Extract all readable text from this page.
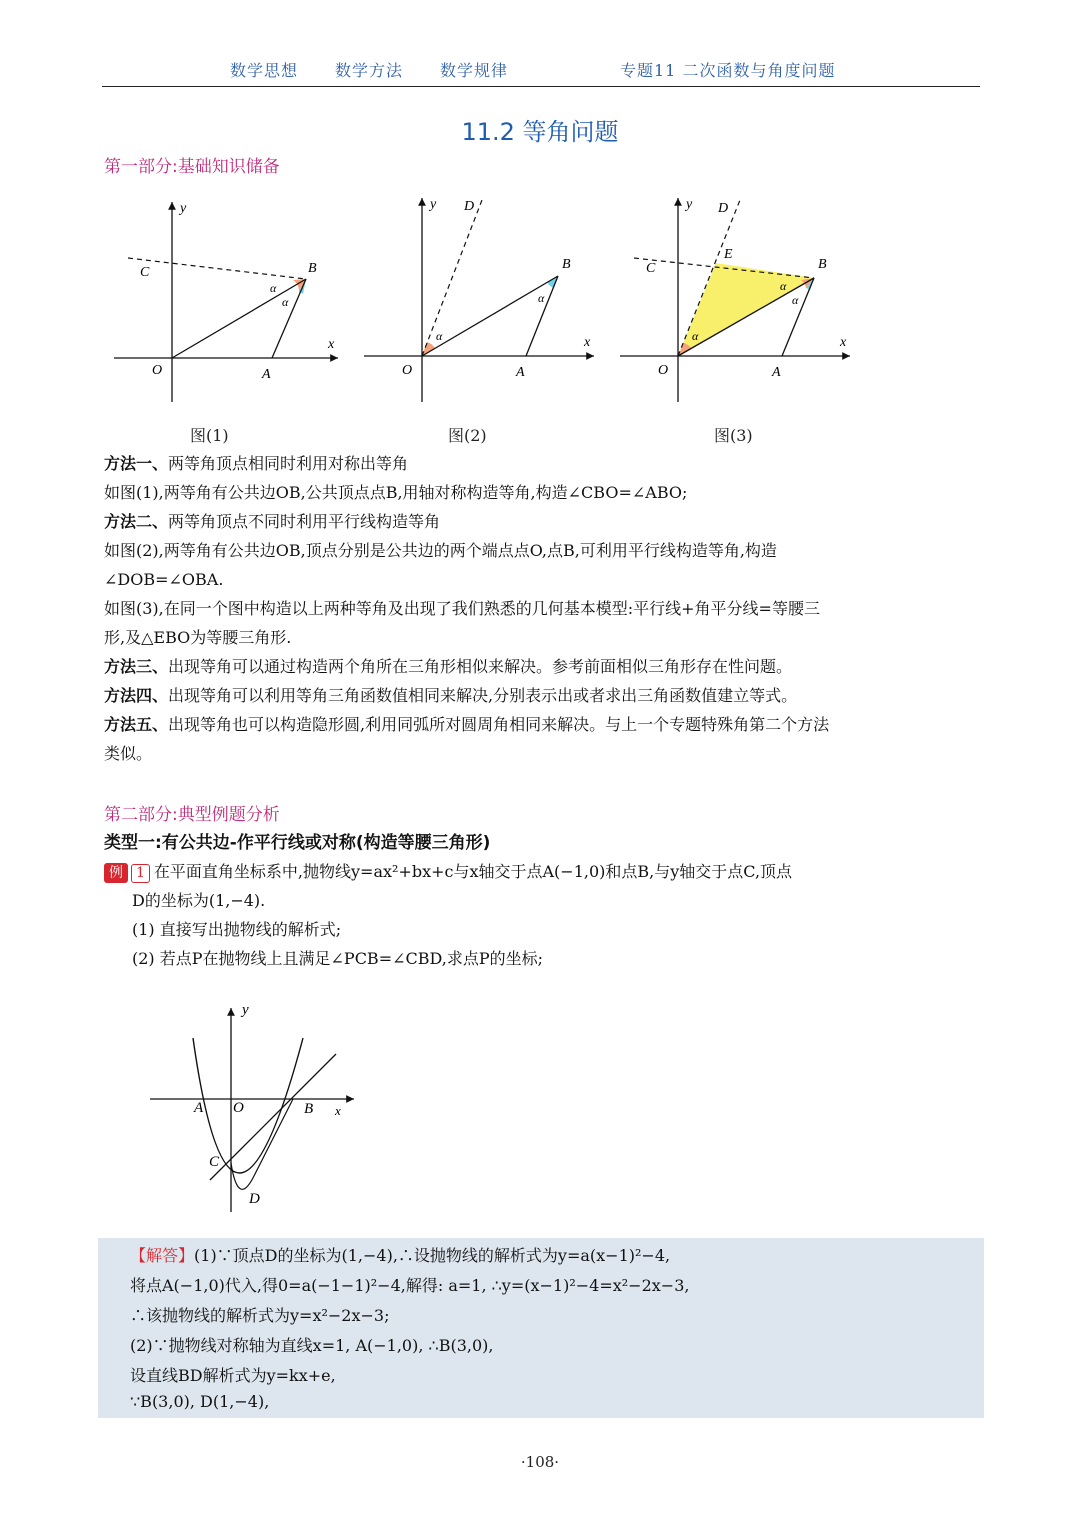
数学思想 数学方法 数学规律	专题11 二次函数与角度问题
11.2 等角问题
第一部分:基础知识储备
y
x
O	A
B
C
α
α
y D
x
O	A
B
α
α
y D
E
C
x
O	A
B
α
α
α
图(1)	图(2)	图(3)
方法一、两等角顶点相同时利用对称出等角
如图(1),两等角有公共边OB,公共顶点点B,用轴对称构造等角,构造∠CBO=∠ABO;
方法二、两等角顶点不同时利用平行线构造等角
如图(2),两等角有公共边OB,顶点分别是公共边的两个端点点O,点B,可利用平行线构造等角,构造
∠DOB=∠OBA.
如图(3),在同一个图中构造以上两种等角及出现了我们熟悉的几何基本模型:平行线+角平分线=等腰三
形,及△EBO为等腰三角形.
方法三、出现等角可以通过构造两个角所在三角形相似来解决。参考前面相似三角形存在性问题。
方法四、出现等角可以利用等角三角函数值相同来解决,分别表示出或者求出三角函数值建立等式。
方法五、出现等角也可以构造隐形圆,利用同弧所对圆周角相同来解决。与上一个专题特殊角第二个方法
类似。
第二部分:典型例题分析
类型一:有公共边-作平行线或对称(构造等腰三角形)
例 1 在平面直角坐标系中,抛物线y=ax²+bx+c与x轴交于点A(−1,0)和点B,与y轴交于点C,顶点
D的坐标为(1,−4).
(1) 直接写出抛物线的解析式;
(2) 若点P在抛物线上且满足∠PCB=∠CBD,求点P的坐标;
y
x
A O	B
C
D
【解答】(1)∵顶点D的坐标为(1,−4),∴设抛物线的解析式为y=a(x−1)²−4,
将点A(−1,0)代入,得0=a(−1−1)²−4,解得: a=1, ∴y=(x−1)²−4=x²−2x−3,
∴该抛物线的解析式为y=x²−2x−3;
(2)∵抛物线对称轴为直线x=1, A(−1,0), ∴B(3,0),
设直线BD解析式为y=kx+e,
∵B(3,0), D(1,−4),
·108·
